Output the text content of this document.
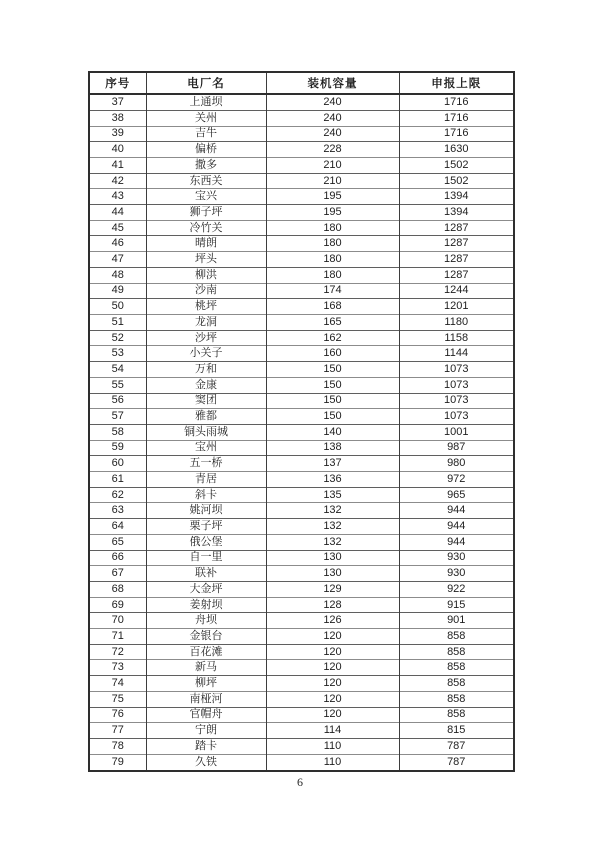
序号	电厂名	装机容量	申报上限
37	上通坝	240	1716
38	关州	240	1716
39	吉牛	240	1716
40	偏桥	228	1630
41	撒多	210	1502
42	东西关	210	1502
43	宝兴	195	1394
44	狮子坪	195	1394
45	冷竹关	180	1287
46	晴朗	180	1287
47	坪头	180	1287
48	柳洪	180	1287
49	沙南	174	1244
50	桃坪	168	1201
51	龙洞	165	1180
52	沙坪	162	1158
53	小关子	160	1144
54	万和	150	1073
55	金康	150	1073
56	窦团	150	1073
57	雅都	150	1073
58	铜头雨城	140	1001
59	宝州	138	987
60	五一桥	137	980
61	青居	136	972
62	斜卡	135	965
63	姚河坝	132	944
64	栗子坪	132	944
65	俄公堡	132	944
66	自一里	130	930
67	联补	130	930
68	大金坪	129	922
69	姜射坝	128	915
70	舟坝	126	901
71	金银台	120	858
72	百花滩	120	858
73	新马	120	858
74	柳坪	120	858
75	南桠河	120	858
76	官帽舟	120	858
77	宁朗	114	815
78	踏卡	110	787
79	久铁	110	787
6
